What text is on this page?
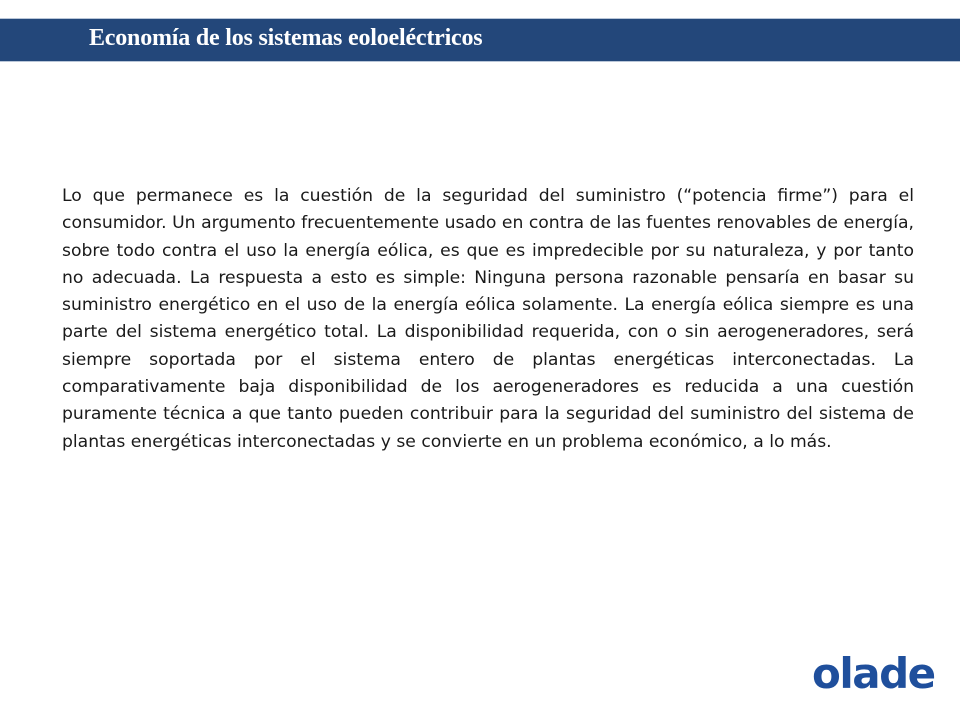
Economía de los sistemas eoloeléctricos

Lo que permanece es la cuestión de la seguridad del suministro (“potencia firme”) para el consumidor. Un argumento frecuentemente usado en contra de las fuentes renovables de energía, sobre todo contra el uso la energía eólica, es que es impredecible por su naturaleza, y por tanto no adecuada. La respuesta a esto es simple: Ninguna persona razonable pensaría en basar su suministro energético en el uso de la energía eólica solamente. La energía eólica siempre es una parte del sistema energético total. La disponibilidad requerida, con o sin aerogeneradores, será siempre soportada por el sistema entero de plantas energéticas interconectadas. La comparativamente baja disponibilidad de los aerogeneradores es reducida a una cuestión puramente técnica a que tanto pueden contribuir para la seguridad del suministro del sistema de plantas energéticas interconectadas y se convierte en un problema económico, a lo más.

olade
